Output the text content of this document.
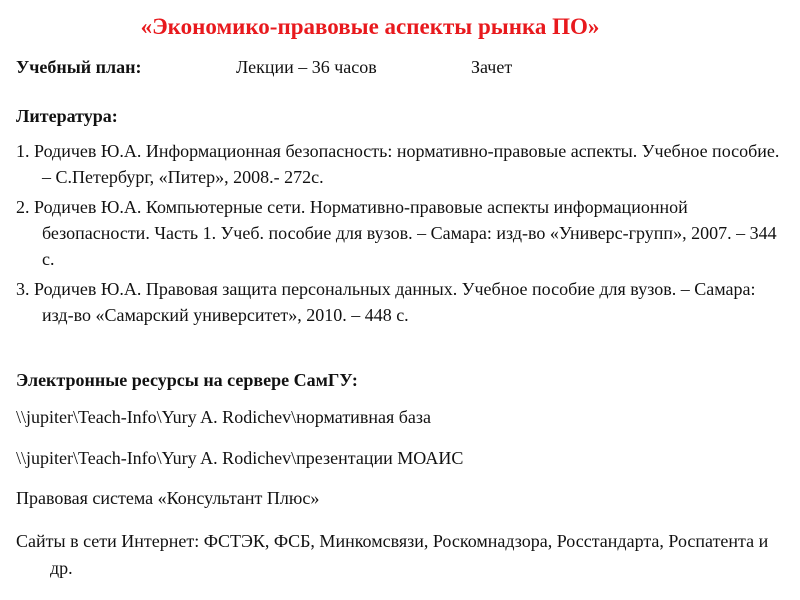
«Экономико-правовые аспекты рынка ПО»
Учебный план:	Лекции – 36 часов	Зачет
Литература:
1. Родичев Ю.А. Информационная безопасность: нормативно-правовые аспекты. Учебное пособие. – С.Петербург, «Питер», 2008.- 272с.
2. Родичев Ю.А. Компьютерные сети. Нормативно-правовые аспекты информационной безопасности. Часть 1. Учеб. пособие для вузов. – Самара: изд-во «Универс-групп», 2007. – 344 с.
3. Родичев Ю.А. Правовая защита персональных данных. Учебное пособие для вузов. – Самара: изд-во «Самарский университет», 2010. – 448 с.
Электронные ресурсы на сервере СамГУ:
\\jupiter\Teach-Info\Yury A. Rodichev\нормативная база
\\jupiter\Teach-Info\Yury A. Rodichev\презентации МОАИС
Правовая система «Консультант Плюс»
Сайты в сети Интернет: ФСТЭК, ФСБ, Минкомсвязи, Роскомнадзора, Росстандарта, Роспатента и др.
